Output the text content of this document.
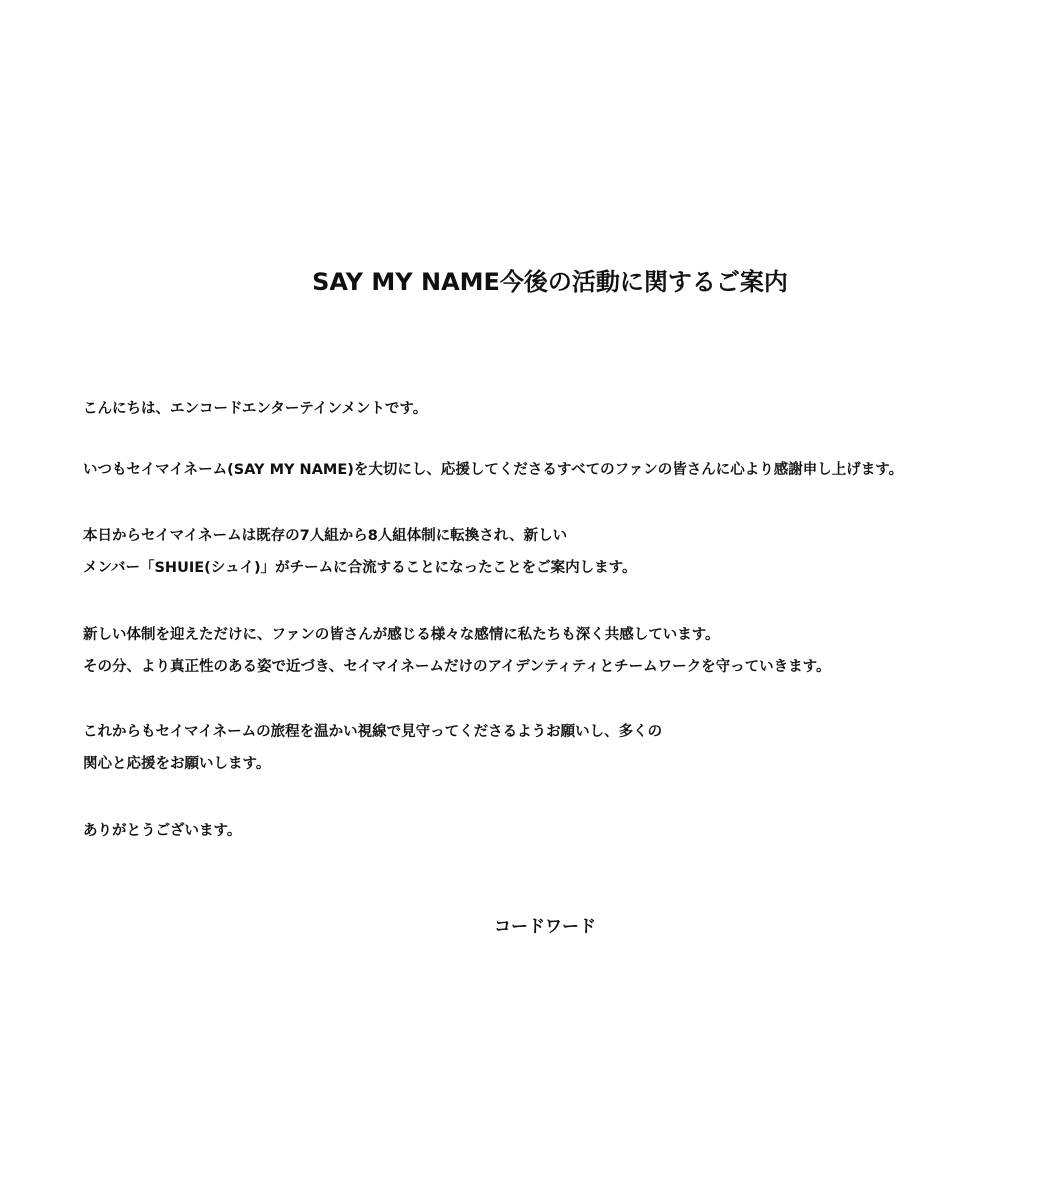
SAY MY NAME今後の活動に関するご案内
こんにちは、エンコードエンターテインメントです。
いつもセイマイネーム(SAY MY NAME)を大切にし、応援してくださるすべてのファンの皆さんに心より感謝申し上げます。
本日からセイマイネームは既存の7人組から8人組体制に転換され、新しい
メンバー「SHUIE(シュイ)」がチームに合流することになったことをご案内します。
新しい体制を迎えただけに、ファンの皆さんが感じる様々な感情に私たちも深く共感しています。
その分、より真正性のある姿で近づき、セイマイネームだけのアイデンティティとチームワークを守っていきます。
これからもセイマイネームの旅程を温かい視線で見守ってくださるようお願いし、多くの
関心と応援をお願いします。
ありがとうございます。
コードワード
